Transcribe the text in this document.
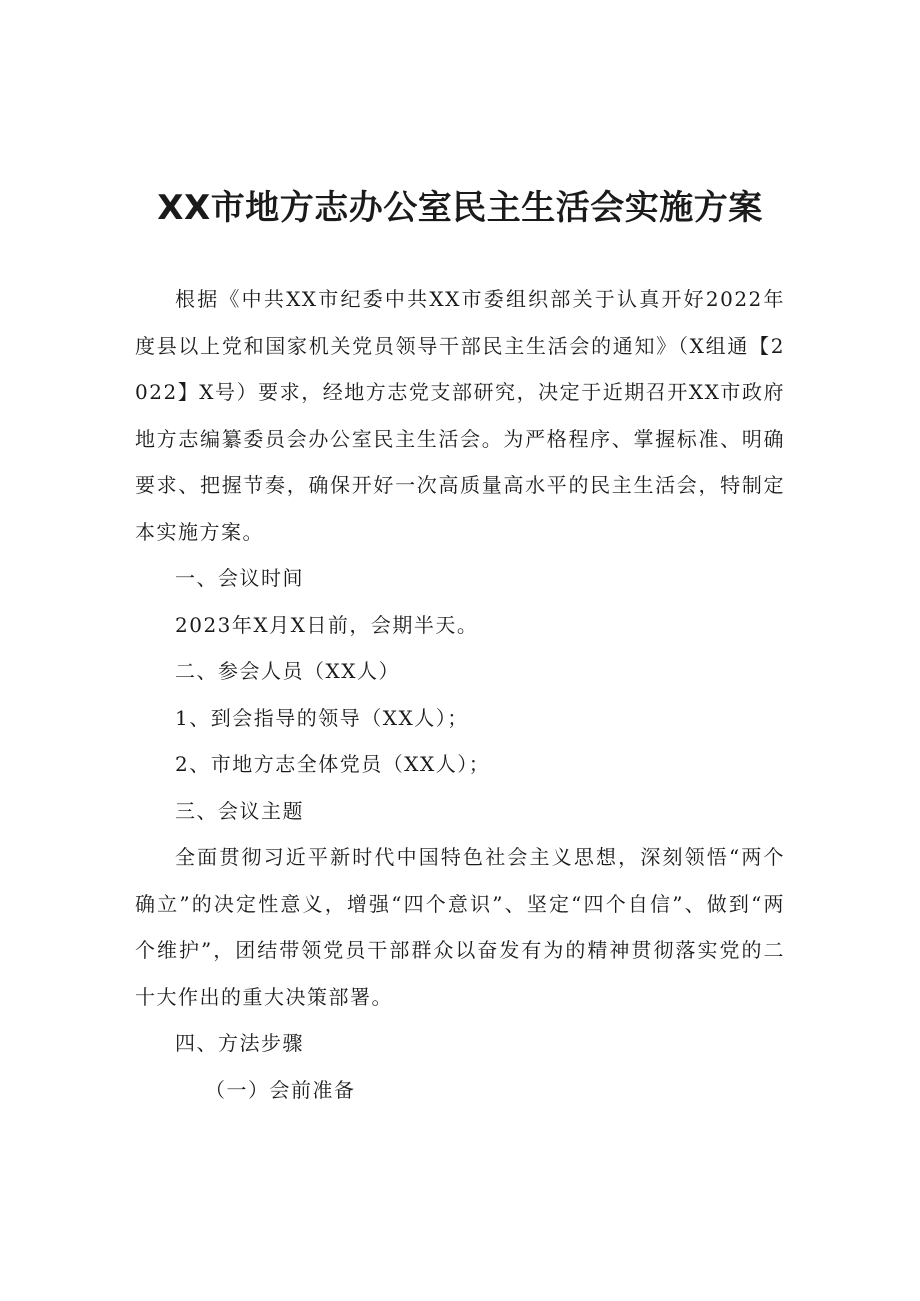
XX市地方志办公室民主生活会实施方案

根据《中共XX市纪委中共XX市委组织部关于认真开好2022年度县以上党和国家机关党员领导干部民主生活会的通知》（X组通【2022】X号）要求，经地方志党支部研究，决定于近期召开XX市政府地方志编纂委员会办公室民主生活会。为严格程序、掌握标准、明确要求、把握节奏，确保开好一次高质量高水平的民主生活会，特制定本实施方案。

一、会议时间

2023年X月X日前，会期半天。

二、参会人员（XX人）

1、到会指导的领导（XX人）；

2、市地方志全体党员（XX人）；

三、会议主题

全面贯彻习近平新时代中国特色社会主义思想，深刻领悟“两个确立”的决定性意义，增强“四个意识”、坚定“四个自信”、做到“两个维护”，团结带领党员干部群众以奋发有为的精神贯彻落实党的二十大作出的重大决策部署。

四、方法步骤

（一）会前准备
